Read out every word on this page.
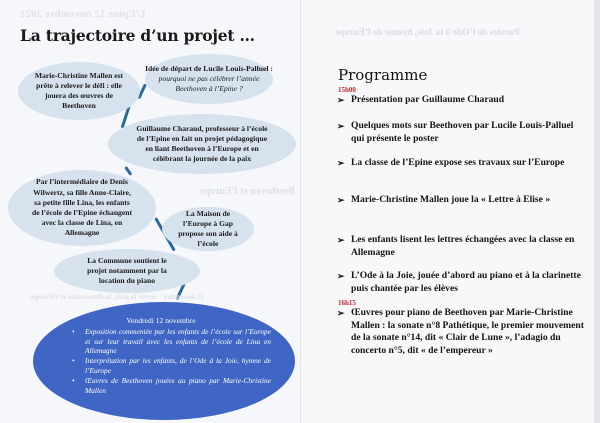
L’Epine 12 novembre 2021
Beethoven et l’Europe
La trajectoire d’un projet …
Idée de départ de Lucile Louis-Palluel : pourquoi ne pas célébrer l’année Beethoven à l’Epine ?
Marie-Christine Mallen est prête à relever le défi : elle jouera des œuvres de Beethoven
Guillaume Charaud, professeur à l’école de l’Epine en fait un projet pédagogique en liant Beethoven à l’Europe et en célébrant la journée de la paix
Par l’intermédiaire de Denis Wilwertz, sa fille Anne-Claire, sa petite fille Lina, les enfants de l’école de l’Epine échangent avec la classe de Lina, en Allemagne
La Maison de l’Europe à Gap propose son aide à l’école
La Commune soutient le projet notamment par la location du piano
11 novembre : servir la paix, la démocratie et l’Europe
Vendredi 12 novembre
• Exposition commentée par les enfants de l’école sur l’Europe et sur leur travail avec les enfants de l’école de Lina en Allemagne
• Interprétation par les enfants, de l’Ode à la Joie, hymne de l’Europe
• Œuvres de Beethoven jouées au piano par Marie-Christine Mallen
Paroles de l’Ode à la Joie, hymne de l’Europe
Programme
15h00
➢ Présentation par Guillaume Charaud
➢ Quelques mots sur Beethoven par Lucile Louis-Palluel qui présente le poster
➢ La classe de l’Epine expose ses travaux sur l’Europe
➢ Marie-Christine Mallen joue la « Lettre à Elise »
➢ Les enfants lisent les lettres échangées avec la classe en Allemagne
➢ L’Ode à la Joie, jouée d’abord au piano et à la clarinette puis chantée par les élèves
16h15
➢ Œuvres pour piano de Beethoven par Marie-Christine Mallen : la sonate n°8 Pathétique, le premier mouvement de la sonate n°14, dit « Clair de Lune », l’adagio du concerto n°5, dit « de l’empereur »
